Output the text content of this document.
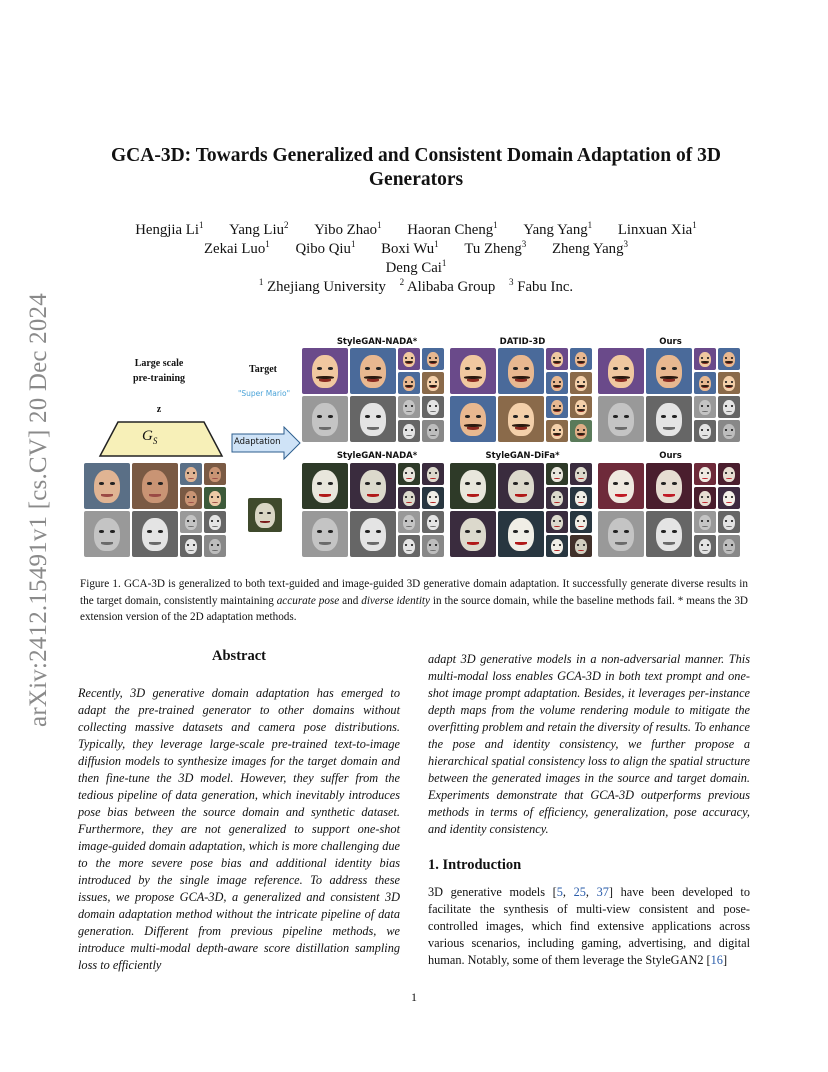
arXiv:2412.15491v1 [cs.CV] 20 Dec 2024
GCA-3D: Towards Generalized and Consistent Domain Adaptation of 3D Generators
Hengjia Li$^1$ Yang Liu$^2$ Yibo Zhao$^1$ Haoran Cheng$^1$ Yang Yang$^1$ Linxuan Xia$^1$
Zekai Luo$^1$ Qibo Qiu$^1$ Boxi Wu$^1$ Tu Zheng$^3$ Zheng Yang$^3$
Deng Cai$^1$
$^1$ Zhejiang University $^2$ Alibaba Group $^3$ Fabu Inc.
Large scale
pre-training
z
$G_S$
Target
"Super Mario"
Adaptation
StyleGAN-NADA*	DATID-3D	Ours
StyleGAN-NADA*	StyleGAN-DiFa*	Ours
Figure 1. GCA-3D is generalized to both text-guided and image-guided 3D generative domain adaptation. It successfully generate diverse results in the target domain, consistently maintaining accurate pose and diverse identity in the source domain, while the baseline methods fail. * means the 3D extension version of the 2D adaptation methods.
Abstract
Recently, 3D generative domain adaptation has emerged to adapt the pre-trained generator to other domains without collecting massive datasets and camera pose distributions. Typically, they leverage large-scale pre-trained text-to-image diffusion models to synthesize images for the target domain and then fine-tune the 3D model. However, they suffer from the tedious pipeline of data generation, which inevitably introduces pose bias between the source domain and synthetic dataset. Furthermore, they are not generalized to support one-shot image-guided domain adaptation, which is more challenging due to the more severe pose bias and additional identity bias introduced by the single image reference. To address these issues, we propose GCA-3D, a generalized and consistent 3D domain adaptation method without the intricate pipeline of data generation. Different from previous pipeline methods, we introduce multi-modal depth-aware score distillation sampling loss to efficiently
adapt 3D generative models in a non-adversarial manner. This multi-modal loss enables GCA-3D in both text prompt and one-shot image prompt adaptation. Besides, it leverages per-instance depth maps from the volume rendering module to mitigate the overfitting problem and retain the diversity of results. To enhance the pose and identity consistency, we further propose a hierarchical spatial consistency loss to align the spatial structure between the generated images in the source and target domain. Experiments demonstrate that GCA-3D outperforms previous methods in terms of efficiency, generalization, pose accuracy, and identity consistency.
1. Introduction
3D generative models [5, 25, 37] have been developed to facilitate the synthesis of multi-view consistent and pose-controlled images, which find extensive applications across various scenarios, including gaming, advertising, and digital human. Notably, some of them leverage the StyleGAN2 [16]
1
